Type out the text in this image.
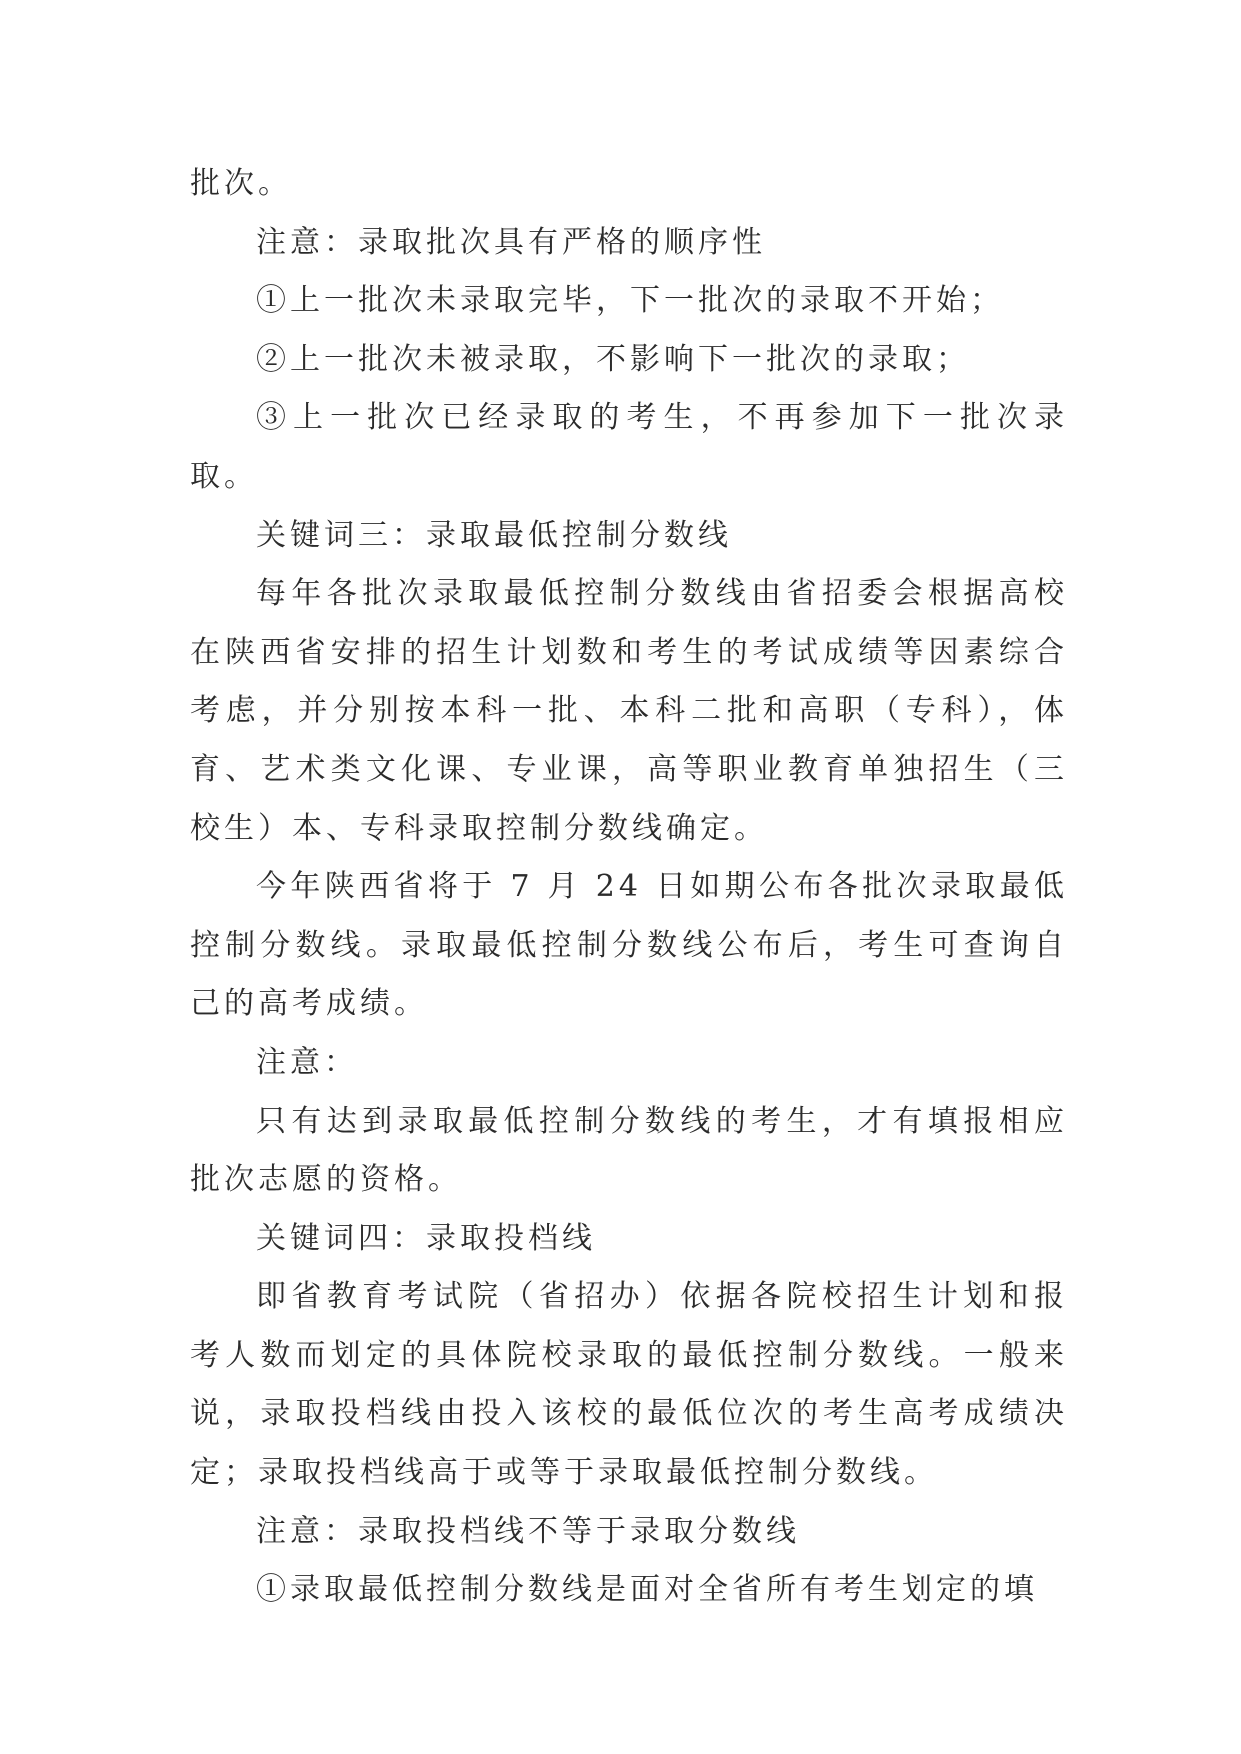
批次。

注意：录取批次具有严格的顺序性

①上一批次未录取完毕，下一批次的录取不开始；

②上一批次未被录取，不影响下一批次的录取；

③上一批次已经录取的考生，不再参加下一批次录取。

关键词三：录取最低控制分数线

每年各批次录取最低控制分数线由省招委会根据高校在陕西省安排的招生计划数和考生的考试成绩等因素综合考虑，并分别按本科一批、本科二批和高职（专科），体育、艺术类文化课、专业课，高等职业教育单独招生（三校生）本、专科录取控制分数线确定。

今年陕西省将于 7 月 24 日如期公布各批次录取最低控制分数线。录取最低控制分数线公布后，考生可查询自己的高考成绩。

注意：

只有达到录取最低控制分数线的考生，才有填报相应批次志愿的资格。

关键词四：录取投档线

即省教育考试院（省招办）依据各院校招生计划和报考人数而划定的具体院校录取的最低控制分数线。一般来说，录取投档线由投入该校的最低位次的考生高考成绩决定；录取投档线高于或等于录取最低控制分数线。

注意：录取投档线不等于录取分数线

①录取最低控制分数线是面对全省所有考生划定的填
